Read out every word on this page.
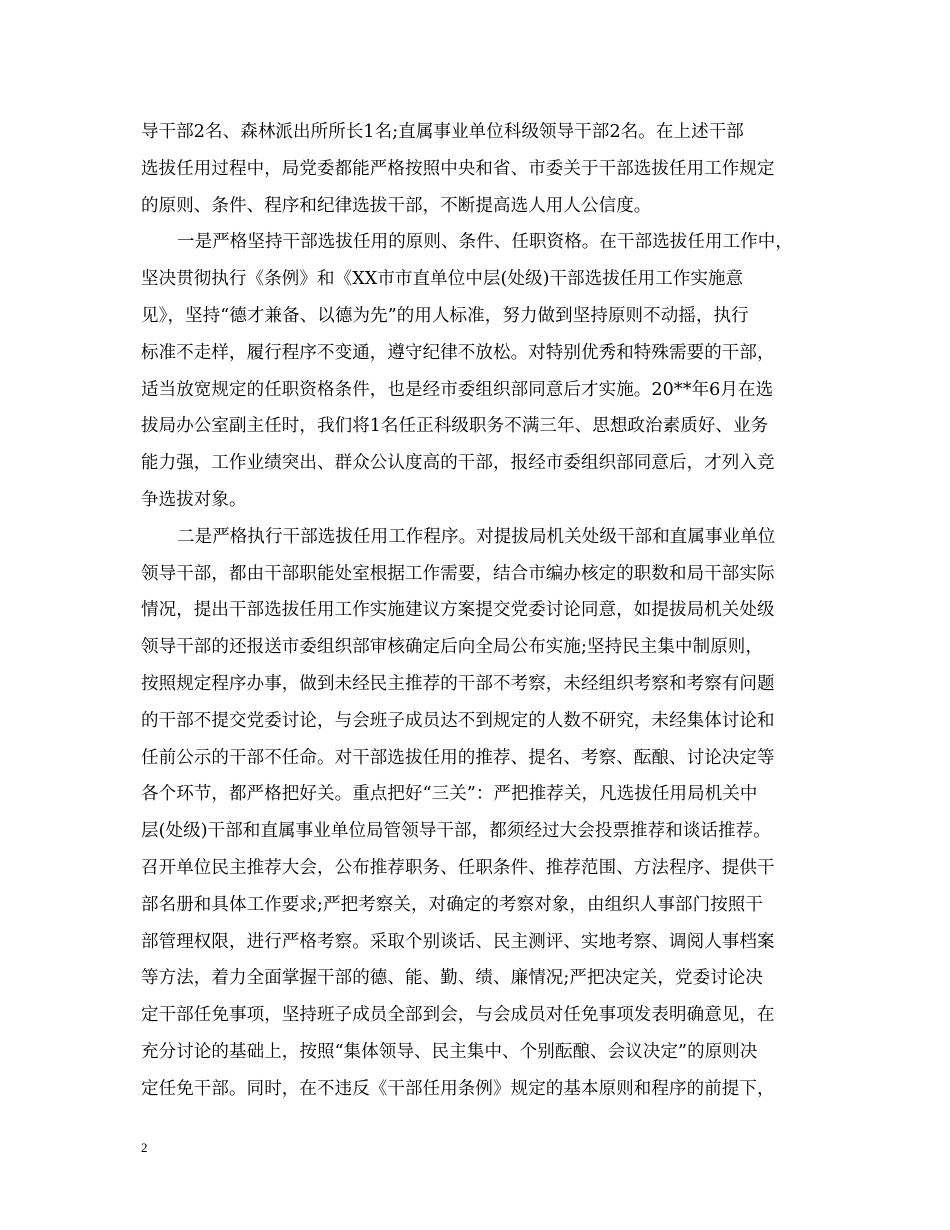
导干部2名、森林派出所所长1名;直属事业单位科级领导干部2名。在上述干部
选拔任用过程中，局党委都能严格按照中央和省、市委关于干部选拔任用工作规定
的原则、条件、程序和纪律选拔干部，不断提高选人用人公信度。
一是严格坚持干部选拔任用的原则、条件、任职资格。在干部选拔任用工作中，
坚决贯彻执行《条例》和《XX市市直单位中层(处级)干部选拔任用工作实施意
见》，坚持“德才兼备、以德为先”的用人标准，努力做到坚持原则不动摇，执行
标准不走样，履行程序不变通，遵守纪律不放松。对特别优秀和特殊需要的干部，
适当放宽规定的任职资格条件，也是经市委组织部同意后才实施。20**年6月在选
拔局办公室副主任时，我们将1名任正科级职务不满三年、思想政治素质好、业务
能力强，工作业绩突出、群众公认度高的干部，报经市委组织部同意后，才列入竞
争选拔对象。
二是严格执行干部选拔任用工作程序。对提拔局机关处级干部和直属事业单位
领导干部，都由干部职能处室根据工作需要，结合市编办核定的职数和局干部实际
情况，提出干部选拔任用工作实施建议方案提交党委讨论同意，如提拔局机关处级
领导干部的还报送市委组织部审核确定后向全局公布实施;坚持民主集中制原则，
按照规定程序办事，做到未经民主推荐的干部不考察，未经组织考察和考察有问题
的干部不提交党委讨论，与会班子成员达不到规定的人数不研究，未经集体讨论和
任前公示的干部不任命。对干部选拔任用的推荐、提名、考察、酝酿、讨论决定等
各个环节，都严格把好关。重点把好“三关”：严把推荐关，凡选拔任用局机关中
层(处级)干部和直属事业单位局管领导干部，都须经过大会投票推荐和谈话推荐。
召开单位民主推荐大会，公布推荐职务、任职条件、推荐范围、方法程序、提供干
部名册和具体工作要求;严把考察关，对确定的考察对象，由组织人事部门按照干
部管理权限，进行严格考察。采取个别谈话、民主测评、实地考察、调阅人事档案
等方法，着力全面掌握干部的德、能、勤、绩、廉情况;严把决定关，党委讨论决
定干部任免事项，坚持班子成员全部到会，与会成员对任免事项发表明确意见，在
充分讨论的基础上，按照“集体领导、民主集中、个别酝酿、会议决定”的原则决
定任免干部。同时，在不违反《干部任用条例》规定的基本原则和程序的前提下，
2
